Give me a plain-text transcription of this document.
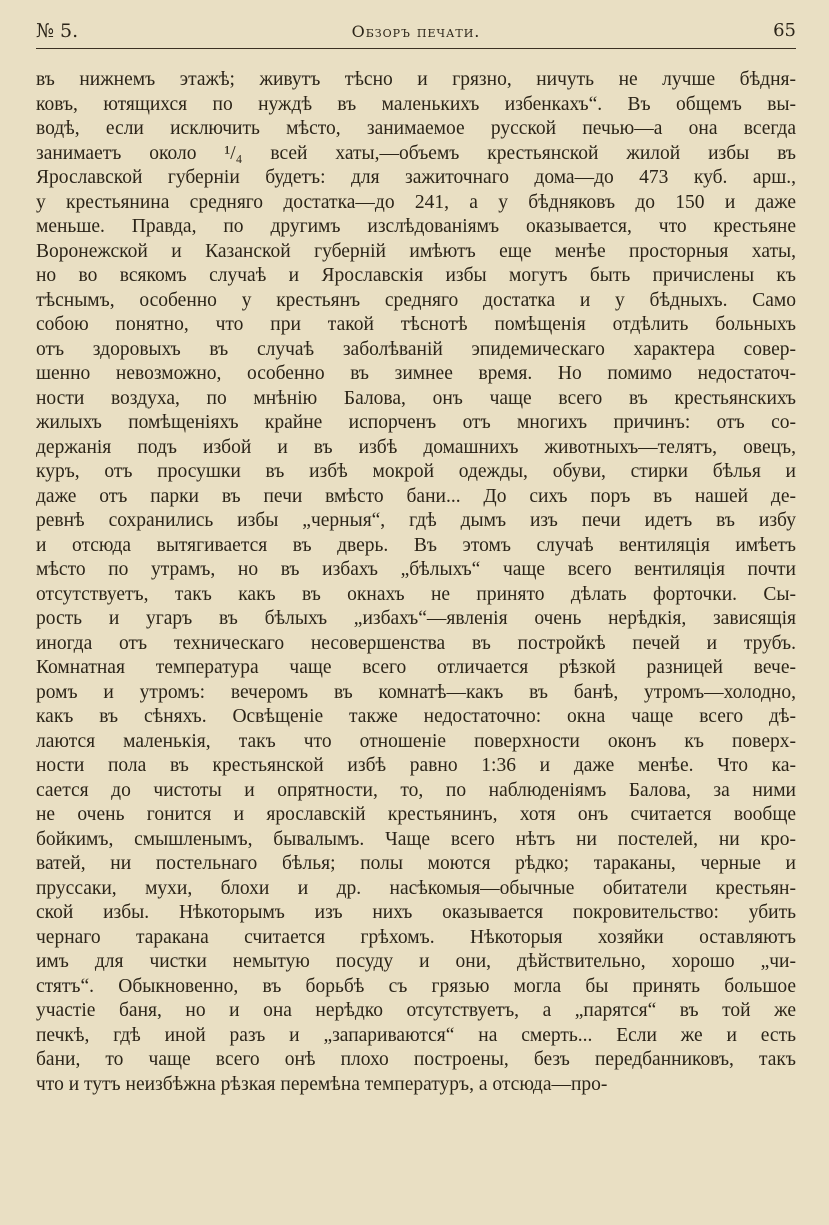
№ 5.	Обзоръ печати.	65
въ нижнемъ этажѣ; живутъ тѣсно и грязно, ничуть не лучше бѣдня-
ковъ, ютящихся по нуждѣ въ маленькихъ избенкахъ“. Въ общемъ вы-
водѣ, если исключить мѣсто, занимаемое русской печью—а она всегда
занимаетъ около ¹/₄ всей хаты,—объемъ крестьянской жилой избы въ
Ярославской губерніи будетъ: для зажиточнаго дома—до 473 куб. арш.,
у крестьянина средняго достатка—до 241, а у бѣдняковъ до 150 и даже
меньше. Правда, по другимъ изслѣдованіямъ оказывается, что крестьяне
Воронежской и Казанской губерній имѣютъ еще менѣе просторныя хаты,
но во всякомъ случаѣ и Ярославскія избы могутъ быть причислены къ
тѣснымъ, особенно у крестьянъ средняго достатка и у бѣдныхъ. Само
собою понятно, что при такой тѣснотѣ помѣщенія отдѣлить больныхъ
отъ здоровыхъ въ случаѣ заболѣваній эпидемическаго характера совер-
шенно невозможно, особенно въ зимнее время. Но помимо недостаточ-
ности воздуха, по мнѣнію Балова, онъ чаще всего въ крестьянскихъ
жилыхъ помѣщеніяхъ крайне испорченъ отъ многихъ причинъ: отъ со-
держанія подъ избой и въ избѣ домашнихъ животныхъ—телятъ, овецъ,
куръ, отъ просушки въ избѣ мокрой одежды, обуви, стирки бѣлья и
даже отъ парки въ печи вмѣсто бани... До сихъ поръ въ нашей де-
ревнѣ сохранились избы „черныя“, гдѣ дымъ изъ печи идетъ въ избу
и отсюда вытягивается въ дверь. Въ этомъ случаѣ вентиляція имѣетъ
мѣсто по утрамъ, но въ избахъ „бѣлыхъ“ чаще всего вентиляція почти
отсутствуетъ, такъ какъ въ окнахъ не принято дѣлать форточки. Сы-
рость и угаръ въ бѣлыхъ „избахъ“—явленія очень нерѣдкія, зависящія
иногда отъ техническаго несовершенства въ постройкѣ печей и трубъ.
Комнатная температура чаще всего отличается рѣзкой разницей вече-
ромъ и утромъ: вечеромъ въ комнатѣ—какъ въ банѣ, утромъ—холодно,
какъ въ сѣняхъ. Освѣщеніе также недостаточно: окна чаще всего дѣ-
лаются маленькія, такъ что отношеніе поверхности оконъ къ поверх-
ности пола въ крестьянской избѣ равно 1:36 и даже менѣе. Что ка-
сается до чистоты и опрятности, то, по наблюденіямъ Балова, за ними
не очень гонится и ярославскій крестьянинъ, хотя онъ считается вообще
бойкимъ, смышленымъ, бывалымъ. Чаще всего нѣтъ ни постелей, ни кро-
ватей, ни постельнаго бѣлья; полы моются рѣдко; тараканы, черные и
пруссаки, мухи, блохи и др. насѣкомыя—обычные обитатели крестьян-
ской избы. Нѣкоторымъ изъ нихъ оказывается покровительство: убить
чернаго таракана считается грѣхомъ. Нѣкоторыя хозяйки оставляютъ
имъ для чистки немытую посуду и они, дѣйствительно, хорошо „чи-
стятъ“. Обыкновенно, въ борьбѣ съ грязью могла бы принять большое
участіе баня, но и она нерѣдко отсутствуетъ, а „парятся“ въ той же
печкѣ, гдѣ иной разъ и „запариваются“ на смерть... Если же и есть
бани, то чаще всего онѣ плохо построены, безъ передбанниковъ, такъ
что и тутъ неизбѣжна рѣзкая перемѣна температуръ, а отсюда—про-
